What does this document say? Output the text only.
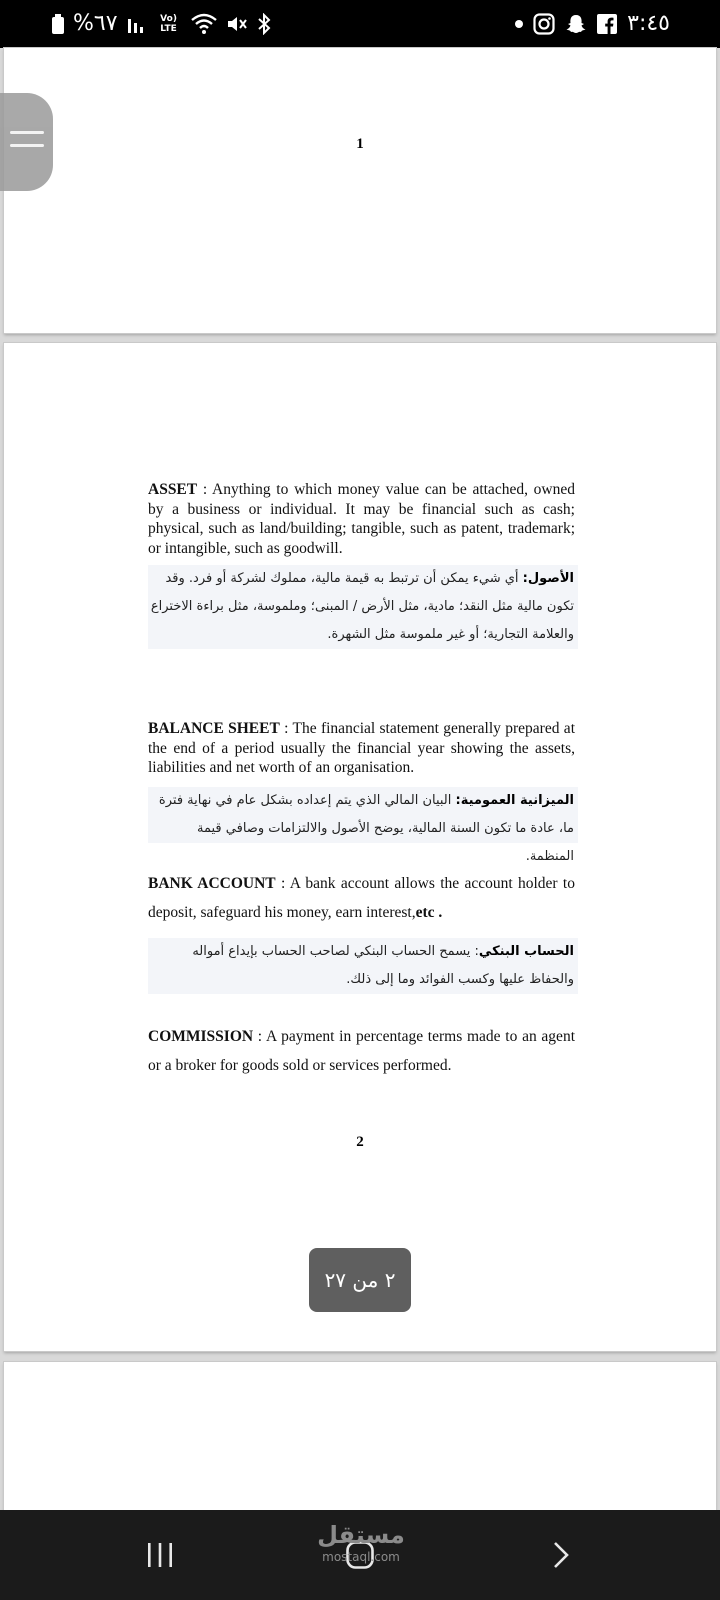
%٦٧	Vo)
LTE	٣:٤٥
1
ASSET : Anything to which money value can be attached, owned by a business or individual. It may be financial such as cash; physical, such as land/building; tangible, such as patent, trademark; or intangible, such as goodwill.
الأصول: أي شيء يمكن أن ترتبط به قيمة مالية، مملوك لشركة أو فرد. وقد تكون مالية مثل النقد؛ مادية، مثل الأرض / المبنى؛ وملموسة، مثل براءة الاختراع والعلامة التجارية؛ أو غير ملموسة مثل الشهرة.
BALANCE SHEET : The financial statement generally prepared at the end of a period usually the financial year showing the assets, liabilities and net worth of an organisation.
الميزانية العمومية: البيان المالي الذي يتم إعداده بشكل عام في نهاية فترة ما، عادة ما تكون السنة المالية، يوضح الأصول والالتزامات وصافي قيمة المنظمة.
BANK ACCOUNT : A bank account allows the account holder to deposit, safeguard his money, earn interest,etc .
الحساب البنكي: يسمح الحساب البنكي لصاحب الحساب بإيداع أمواله والحفاظ عليها وكسب الفوائد وما إلى ذلك.
COMMISSION : A payment in percentage terms made to an agent or a broker for goods sold or services performed.
2
٢ من ٢٧
مستقل
mostaql.com
